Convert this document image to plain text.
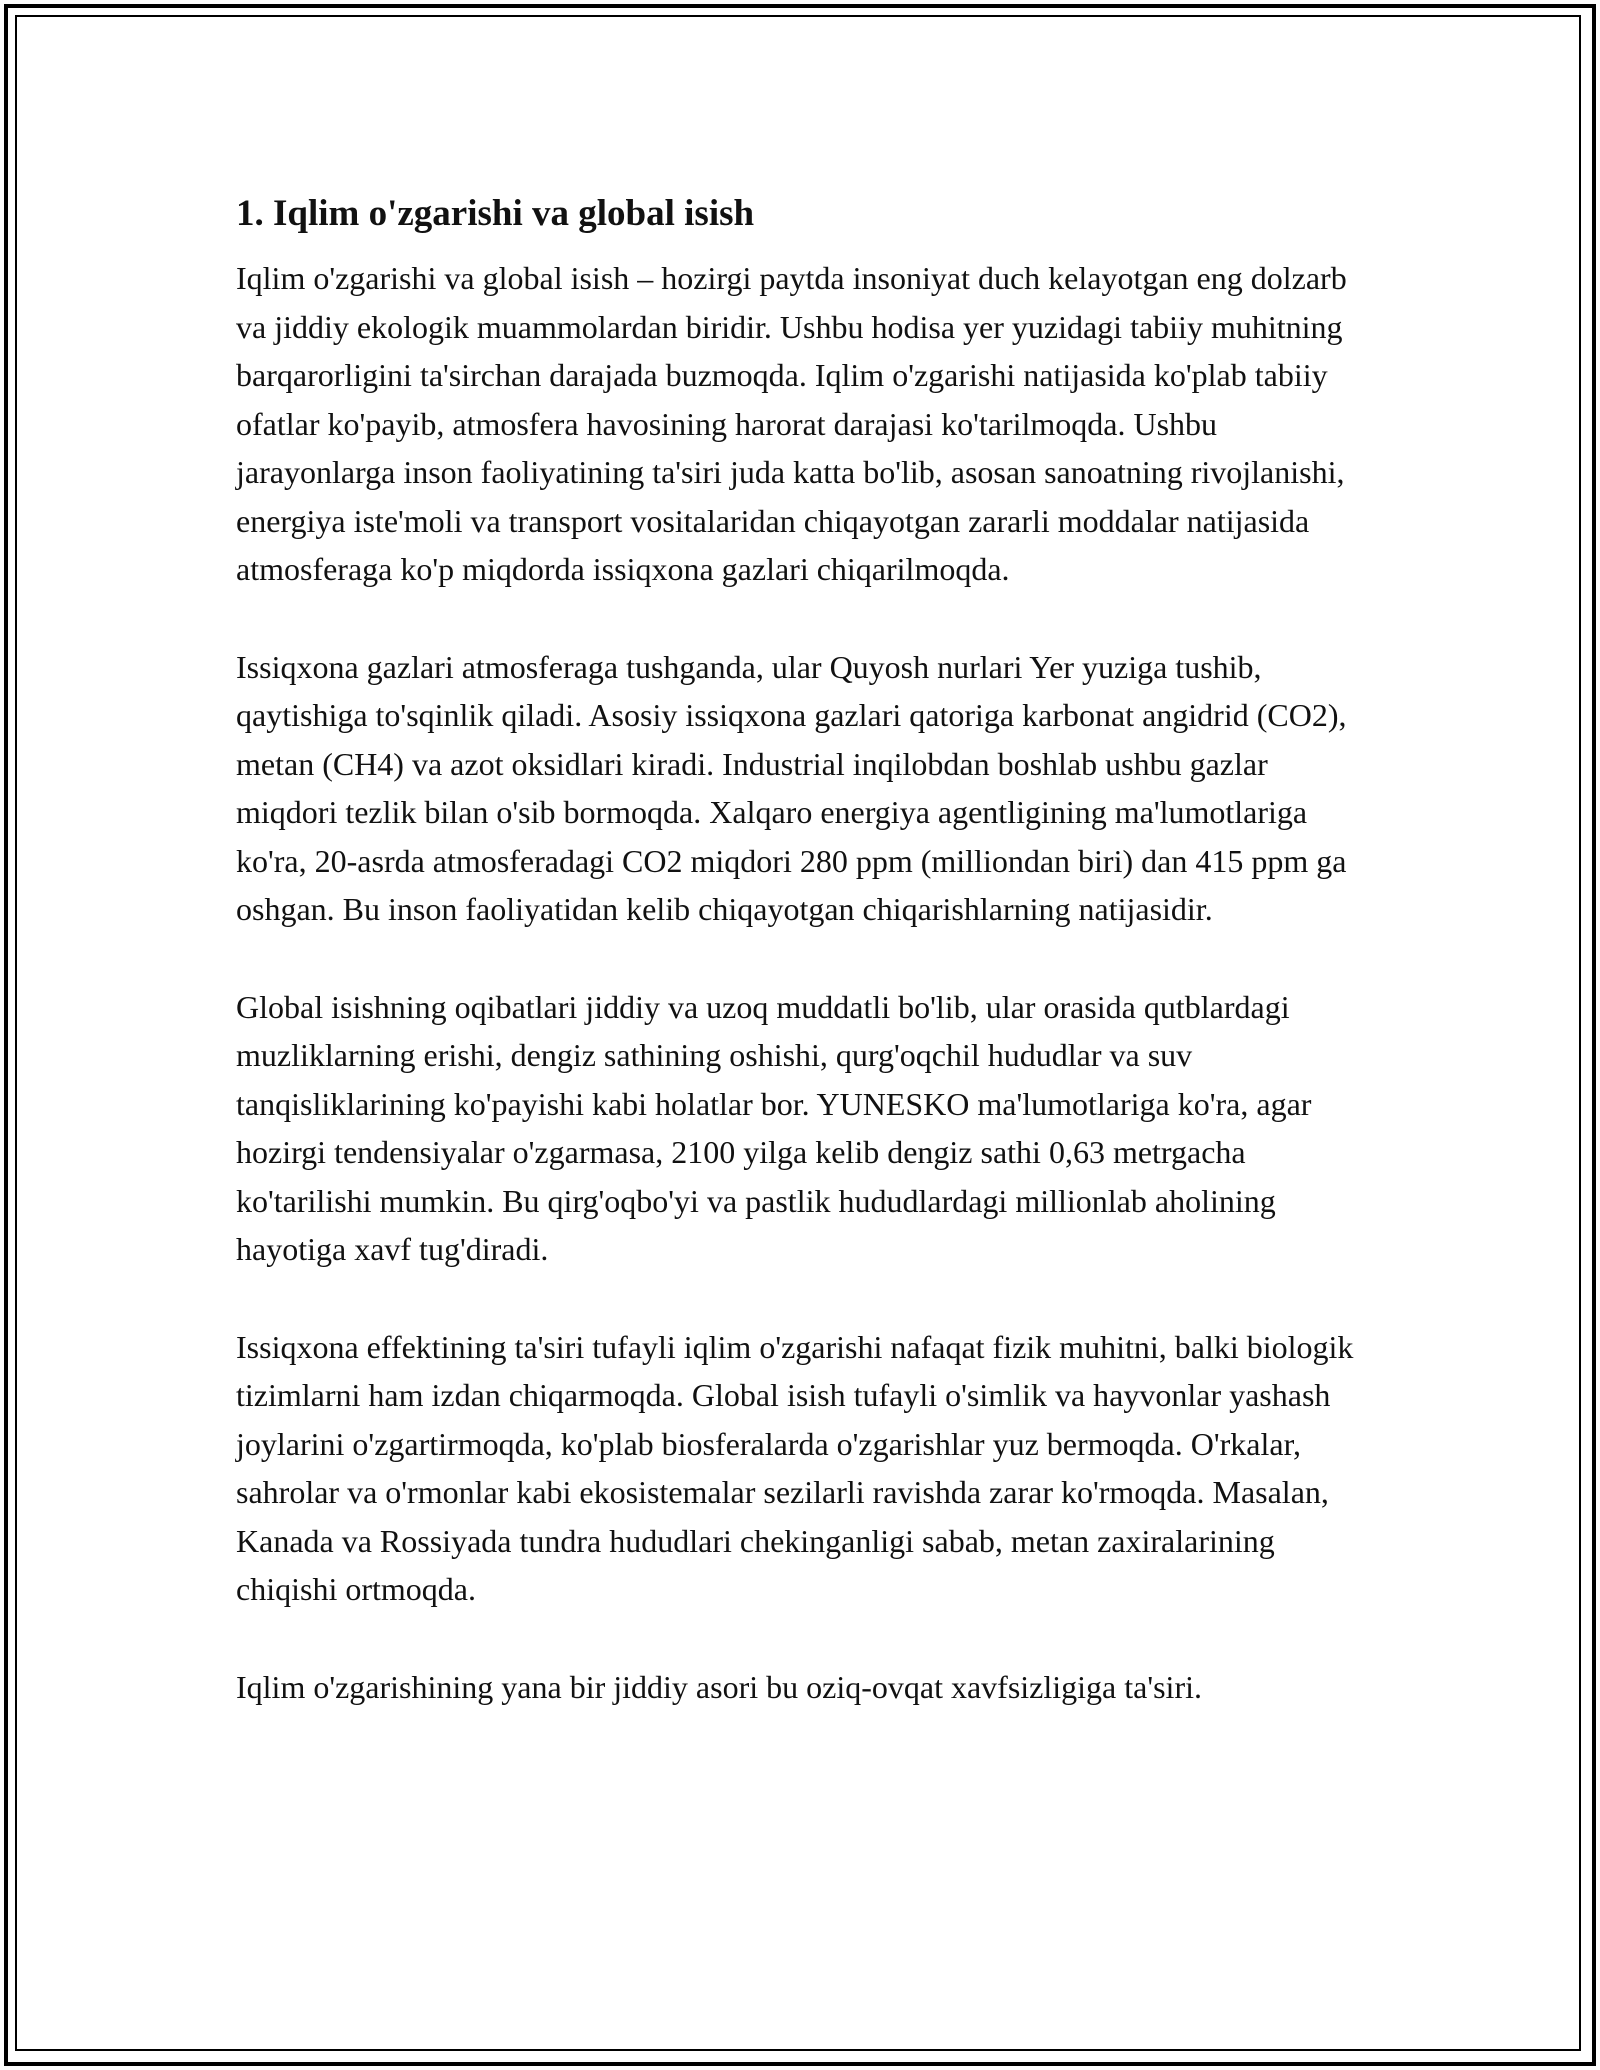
1. Iqlim o'zgarishi va global isish

Iqlim o'zgarishi va global isish – hozirgi paytda insoniyat duch kelayotgan eng dolzarb va jiddiy ekologik muammolardan biridir. Ushbu hodisa yer yuzidagi tabiiy muhitning barqarorligini ta'sirchan darajada buzmoqda. Iqlim o'zgarishi natijasida ko'plab tabiiy ofatlar ko'payib, atmosfera havosining harorat darajasi ko'tarilmoqda. Ushbu jarayonlarga inson faoliyatining ta'siri juda katta bo'lib, asosan sanoatning rivojlanishi, energiya iste'moli va transport vositalaridan chiqayotgan zararli moddalar natijasida atmosferaga ko'p miqdorda issiqxona gazlari chiqarilmoqda.

Issiqxona gazlari atmosferaga tushganda, ular Quyosh nurlari Yer yuziga tushib, qaytishiga to'sqinlik qiladi. Asosiy issiqxona gazlari qatoriga karbonat angidrid (CO2), metan (CH4) va azot oksidlari kiradi. Industrial inqilobdan boshlab ushbu gazlar miqdori tezlik bilan o'sib bormoqda. Xalqaro energiya agentligining ma'lumotlariga ko'ra, 20-asrda atmosferadagi CO2 miqdori 280 ppm (milliondan biri) dan 415 ppm ga oshgan. Bu inson faoliyatidan kelib chiqayotgan chiqarishlarning natijasidir.

Global isishning oqibatlari jiddiy va uzoq muddatli bo'lib, ular orasida qutblardagi muzliklarning erishi, dengiz sathining oshishi, qurg'oqchil hududlar va suv tanqisliklarining ko'payishi kabi holatlar bor. YUNESKO ma'lumotlariga ko'ra, agar hozirgi tendensiyalar o'zgarmasa, 2100 yilga kelib dengiz sathi 0,63 metrgacha ko'tarilishi mumkin. Bu qirg'oqbo'yi va pastlik hududlardagi millionlab aholining hayotiga xavf tug'diradi.

Issiqxona effektining ta'siri tufayli iqlim o'zgarishi nafaqat fizik muhitni, balki biologik tizimlarni ham izdan chiqarmoqda. Global isish tufayli o'simlik va hayvonlar yashash joylarini o'zgartirmoqda, ko'plab biosferalarda o'zgarishlar yuz bermoqda. O'rkalar, sahrolar va o'rmonlar kabi ekosistemalar sezilarli ravishda zarar ko'rmoqda. Masalan, Kanada va Rossiyada tundra hududlari chekinganligi sabab, metan zaxiralarining chiqishi ortmoqda.

Iqlim o'zgarishining yana bir jiddiy asori bu oziq-ovqat xavfsizligiga ta'siri.
